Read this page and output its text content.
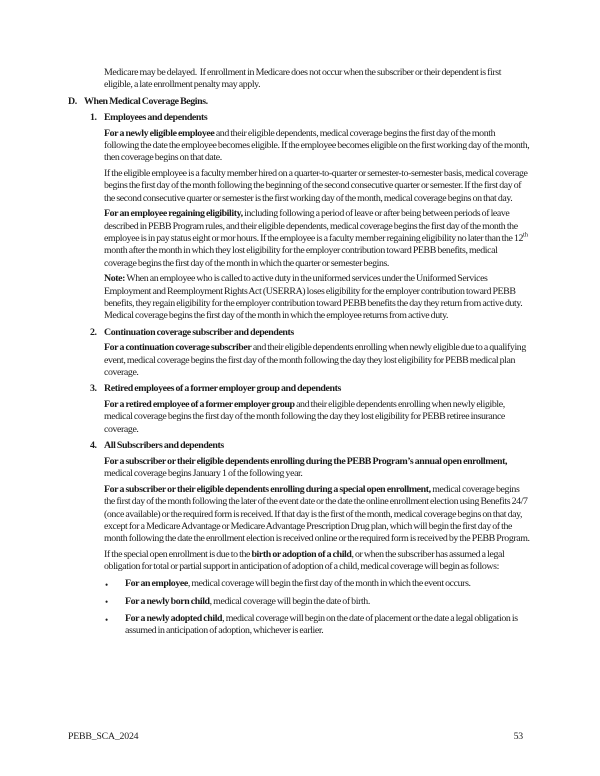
Medicare may be delayed.  If enrollment in Medicare does not occur when the subscriber or their dependent is first eligible, a late enrollment penalty may apply.

D. When Medical Coverage Begins.
1. Employees and dependents

For a newly eligible employee and their eligible dependents, medical coverage begins the first day of the month following the date the employee becomes eligible. If the employee becomes eligible on the first working day of the month, then coverage begins on that date.

If the eligible employee is a faculty member hired on a quarter-to-quarter or semester-to-semester basis, medical coverage begins the first day of the month following the beginning of the second consecutive quarter or semester. If the first day of the second consecutive quarter or semester is the first working day of the month, medical coverage begins on that day.

For an employee regaining eligibility, including following a period of leave or after being between periods of leave described in PEBB Program rules, and their eligible dependents, medical coverage begins the first day of the month the employee is in pay status eight or mor hours. If the employee is a faculty member regaining eligibility no later than the 12th month after the month in which they lost eligibility for the employer contribution toward PEBB benefits, medical coverage begins the first day of the month in which the quarter or semester begins.

Note: When an employee who is called to active duty in the uniformed services under the Uniformed Services Employment and Reemployment Rights Act (USERRA) loses eligibility for the employer contribution toward PEBB benefits, they regain eligibility for the employer contribution toward PEBB benefits the day they return from active duty. Medical coverage begins the first day of the month in which the employee returns from active duty.

2. Continuation coverage subscriber and dependents

For a continuation coverage subscriber and their eligible dependents enrolling when newly eligible due to a qualifying event, medical coverage begins the first day of the month following the day they lost eligibility for PEBB medical plan coverage.

3. Retired employees of a former employer group and dependents

For a retired employee of a former employer group and their eligible dependents enrolling when newly eligible, medical coverage begins the first day of the month following the day they lost eligibility for PEBB retiree insurance coverage.

4. All Subscribers and dependents

For a subscriber or their eligible dependents enrolling during the PEBB Program’s annual open enrollment, medical coverage begins January 1 of the following year.

For a subscriber or their eligible dependents enrolling during a special open enrollment, medical coverage begins the first day of the month following the later of the event date or the date the online enrollment election using Benefits 24/7 (once available) or the required form is received. If that day is the first of the month, medical coverage begins on that day, except for a Medicare Advantage or Medicare Advantage Prescription Drug plan, which will begin the first day of the month following the date the enrollment election is received online or the required form is received by the PEBB Program.

If the special open enrollment is due to the birth or adoption of a child, or when the subscriber has assumed a legal obligation for total or partial support in anticipation of adoption of a child, medical coverage will begin as follows:

• For an employee, medical coverage will begin the first day of the month in which the event occurs.
• For a newly born child, medical coverage will begin the date of birth.
• For a newly adopted child, medical coverage will begin on the date of placement or the date a legal obligation is assumed in anticipation of adoption, whichever is earlier.
PEBB_SCA_2024	53
